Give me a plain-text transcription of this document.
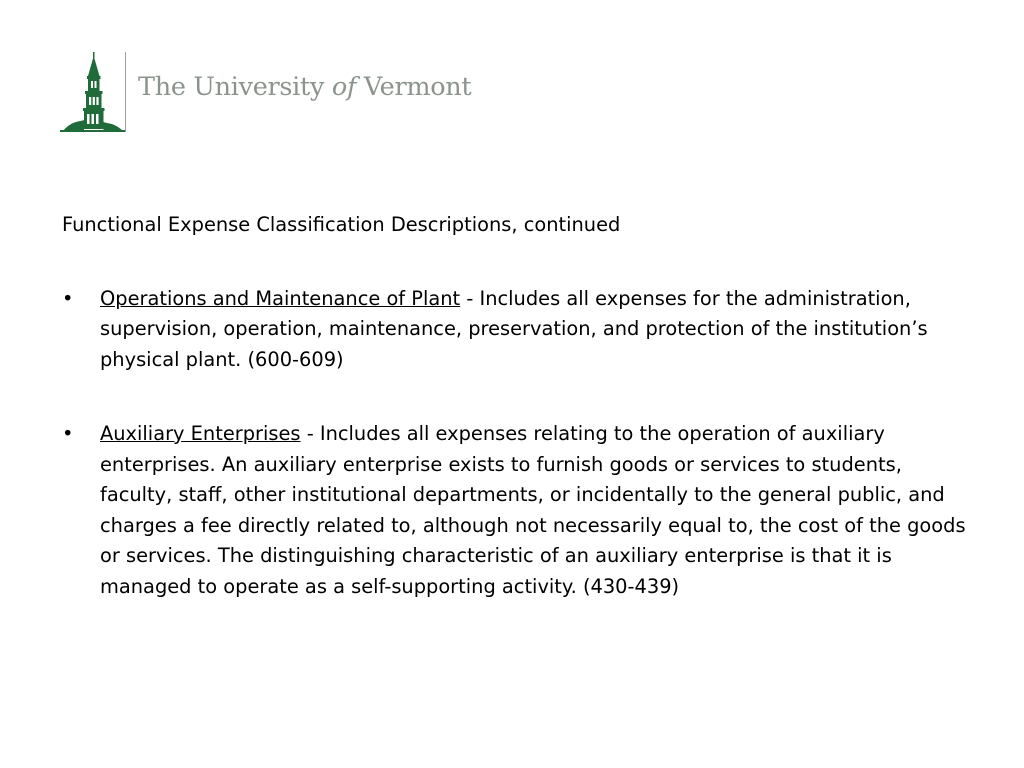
The University of Vermont

Functional Expense Classification Descriptions, continued

• Operations and Maintenance of Plant - Includes all expenses for the administration, supervision, operation, maintenance, preservation, and protection of the institution’s physical plant. (600-609)
• Auxiliary Enterprises - Includes all expenses relating to the operation of auxiliary enterprises. An auxiliary enterprise exists to furnish goods or services to students, faculty, staff, other institutional departments, or incidentally to the general public, and charges a fee directly related to, although not necessarily equal to, the cost of the goods or services. The distinguishing characteristic of an auxiliary enterprise is that it is managed to operate as a self-supporting activity. (430-439)
